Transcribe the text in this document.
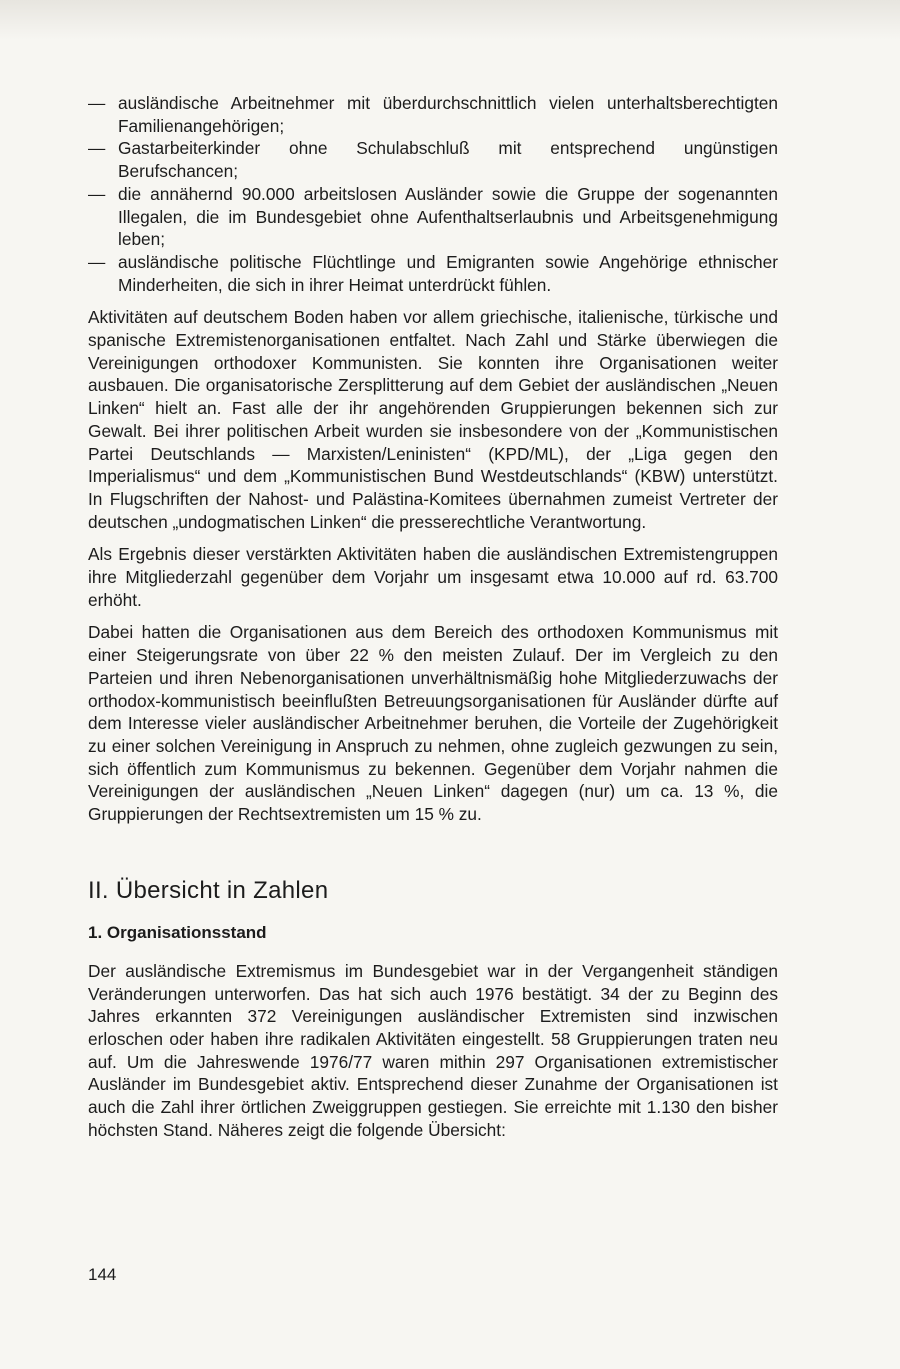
— ausländische Arbeitnehmer mit überdurchschnittlich vielen unterhaltsberechtigten Familienangehörigen;
— Gastarbeiterkinder ohne Schulabschluß mit entsprechend ungünstigen Berufschancen;
— die annähernd 90.000 arbeitslosen Ausländer sowie die Gruppe der sogenannten Illegalen, die im Bundesgebiet ohne Aufenthaltserlaubnis und Arbeitsgenehmigung leben;
— ausländische politische Flüchtlinge und Emigranten sowie Angehörige ethnischer Minderheiten, die sich in ihrer Heimat unterdrückt fühlen.

Aktivitäten auf deutschem Boden haben vor allem griechische, italienische, türkische und spanische Extremistenorganisationen entfaltet. Nach Zahl und Stärke überwiegen die Vereinigungen orthodoxer Kommunisten. Sie konnten ihre Organisationen weiter ausbauen. Die organisatorische Zersplitterung auf dem Gebiet der ausländischen „Neuen Linken“ hielt an. Fast alle der ihr angehörenden Gruppierungen bekennen sich zur Gewalt. Bei ihrer politischen Arbeit wurden sie insbesondere von der „Kommunistischen Partei Deutschlands — Marxisten/Leninisten“ (KPD/ML), der „Liga gegen den Imperialismus“ und dem „Kommunistischen Bund Westdeutschlands“ (KBW) unterstützt. In Flugschriften der Nahost- und Palästina-Komitees übernahmen zumeist Vertreter der deutschen „undogmatischen Linken“ die presserechtliche Verantwortung.

Als Ergebnis dieser verstärkten Aktivitäten haben die ausländischen Extremistengruppen ihre Mitgliederzahl gegenüber dem Vorjahr um insgesamt etwa 10.000 auf rd. 63.700 erhöht.

Dabei hatten die Organisationen aus dem Bereich des orthodoxen Kommunismus mit einer Steigerungsrate von über 22 % den meisten Zulauf. Der im Vergleich zu den Parteien und ihren Nebenorganisationen unverhältnismäßig hohe Mitgliederzuwachs der orthodox-kommunistisch beeinflußten Betreuungsorganisationen für Ausländer dürfte auf dem Interesse vieler ausländischer Arbeitnehmer beruhen, die Vorteile der Zugehörigkeit zu einer solchen Vereinigung in Anspruch zu nehmen, ohne zugleich gezwungen zu sein, sich öffentlich zum Kommunismus zu bekennen. Gegenüber dem Vorjahr nahmen die Vereinigungen der ausländischen „Neuen Linken“ dagegen (nur) um ca. 13 %, die Gruppierungen der Rechtsextremisten um 15 % zu.

II. Übersicht in Zahlen
1. Organisationsstand

Der ausländische Extremismus im Bundesgebiet war in der Vergangenheit ständigen Veränderungen unterworfen. Das hat sich auch 1976 bestätigt. 34 der zu Beginn des Jahres erkannten 372 Vereinigungen ausländischer Extremisten sind inzwischen erloschen oder haben ihre radikalen Aktivitäten eingestellt. 58 Gruppierungen traten neu auf. Um die Jahreswende 1976/77 waren mithin 297 Organisationen extremistischer Ausländer im Bundesgebiet aktiv. Entsprechend dieser Zunahme der Organisationen ist auch die Zahl ihrer örtlichen Zweiggruppen gestiegen. Sie erreichte mit 1.130 den bisher höchsten Stand. Näheres zeigt die folgende Übersicht:

144
